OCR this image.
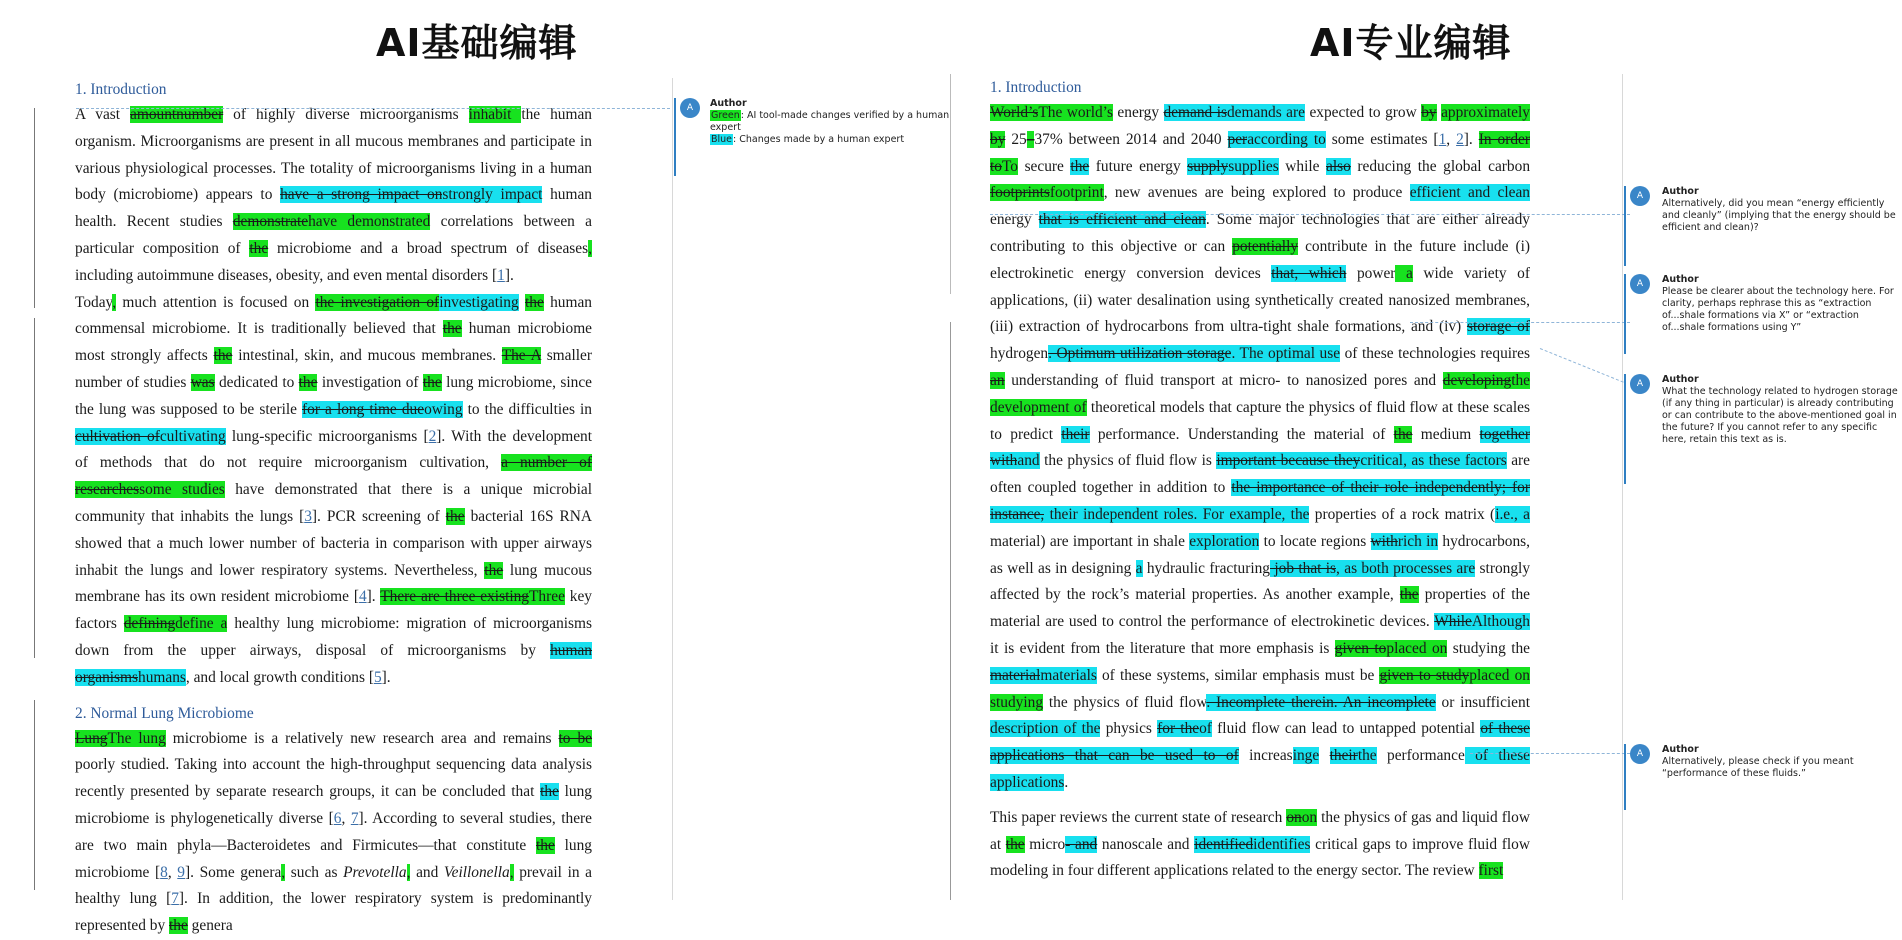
AI基础编辑	AI专业编辑
1. Introduction

A vast amountnumber of highly diverse microorganisms inhabit the human organism. Microorganisms are present in all mucous membranes and participate in various physiological processes. The totality of microorganisms living in a human body (microbiome) appears to have a strong impact onstrongly impact human health. Recent studies demonstratehave demonstrated correlations between a particular composition of the microbiome and a broad spectrum of diseases, including autoimmune diseases, obesity, and even mental disorders [1].

Today, much attention is focused on the investigation ofinvestigating the human commensal microbiome. It is traditionally believed that the human microbiome most strongly affects the intestinal, skin, and mucous membranes. The A smaller number of studies was dedicated to the investigation of the lung microbiome, since the lung was supposed to be sterile for a long time dueowing to the difficulties in cultivation ofcultivating lung-specific microorganisms [2]. With the development of methods that do not require microorganism cultivation, a number of researchessome studies have demonstrated that there is a unique microbial community that inhabits the lungs [3]. PCR screening of the bacterial 16S RNA showed that a much lower number of bacteria in comparison with upper airways inhabit the lungs and lower respiratory systems. Nevertheless, the lung mucous membrane has its own resident microbiome [4]. There are three existingThree key factors definingdefine a healthy lung microbiome: migration of microorganisms down from the upper airways, disposal of microorganisms by human organismshumans, and local growth conditions [5].

2. Normal Lung Microbiome

LungThe lung microbiome is a relatively new research area and remains to be poorly studied. Taking into account the high-throughput sequencing data analysis recently presented by separate research groups, it can be concluded that the lung microbiome is phylogenetically diverse [6, 7]. According to several studies, there are two main phyla—Bacteroidetes and Firmicutes—that constitute the lung microbiome [8, 9]. Some genera, such as Prevotella, and Veillonella, prevail in a healthy lung [7]. In addition, the lower respiratory system is predominantly represented by the genera

A	Author
Green: AI tool-made changes verified by a human expert
Blue: Changes made by a human expert
1. Introduction

World’sThe world’s energy demand isdemands are expected to grow by approximately by 25–37% between 2014 and 2040 peraccording to some estimates [1, 2]. In order toTo secure the future energy supplysupplies while also reducing the global carbon footprintsfootprint, new avenues are being explored to produce efficient and clean energy that is efficient and clean. Some major technologies that are either already contributing to this objective or can potentially contribute in the future include (i) electrokinetic energy conversion devices that, which power a wide variety of applications, (ii) water desalination using synthetically created nanosized membranes, (iii) extraction of hydrocarbons from ultra-tight shale formations, and (iv) storage of hydrogen. Optimum utilization storage. The optimal use of these technologies requires an understanding of fluid transport at micro- to nanosized pores and developingthe development of theoretical models that capture the physics of fluid flow at these scales to predict their performance. Understanding the material of the medium together withand the physics of fluid flow is important because theycritical, as these factors are often coupled together in addition to the importance of their role independently; for instance, their independent roles. For example, the properties of a rock matrix (i.e., a material) are important in shale exploration to locate regions withrich in hydrocarbons, as well as in designing a hydraulic fracturing job that is, as both processes are strongly affected by the rock’s material properties. As another example, the properties of the material are used to control the performance of electrokinetic devices. WhileAlthough it is evident from the literature that more emphasis is given toplaced on studying the materialmaterials of these systems, similar emphasis must be given to studyplaced on studying the physics of fluid flow. Incomplete therein. An incomplete or insufficient description of the physics for theof fluid flow can lead to untapped potential of these applications that can be used to of increasinge theirthe performance of these applications.

This paper reviews the current state of research onon the physics of gas and liquid flow at the micro- and nanoscale and identifiedidentifies critical gaps to improve fluid flow modeling in four different applications related to the energy sector. The review first

A	Author
Alternatively, did you mean “energy efficiently and cleanly” (implying that the energy should be efficient and clean)?
A	Author
Please be clearer about the technology here. For clarity, perhaps rephrase this as “extraction of...shale formations via X” or “extraction of...shale formations using Y”
A	Author
What the technology related to hydrogen storage (if any thing in particular) is already contributing or can contribute to the above-mentioned goal in the future? If you cannot refer to any specific here, retain this text as is.
A	Author
Alternatively, please check if you meant “performance of these fluids.”
